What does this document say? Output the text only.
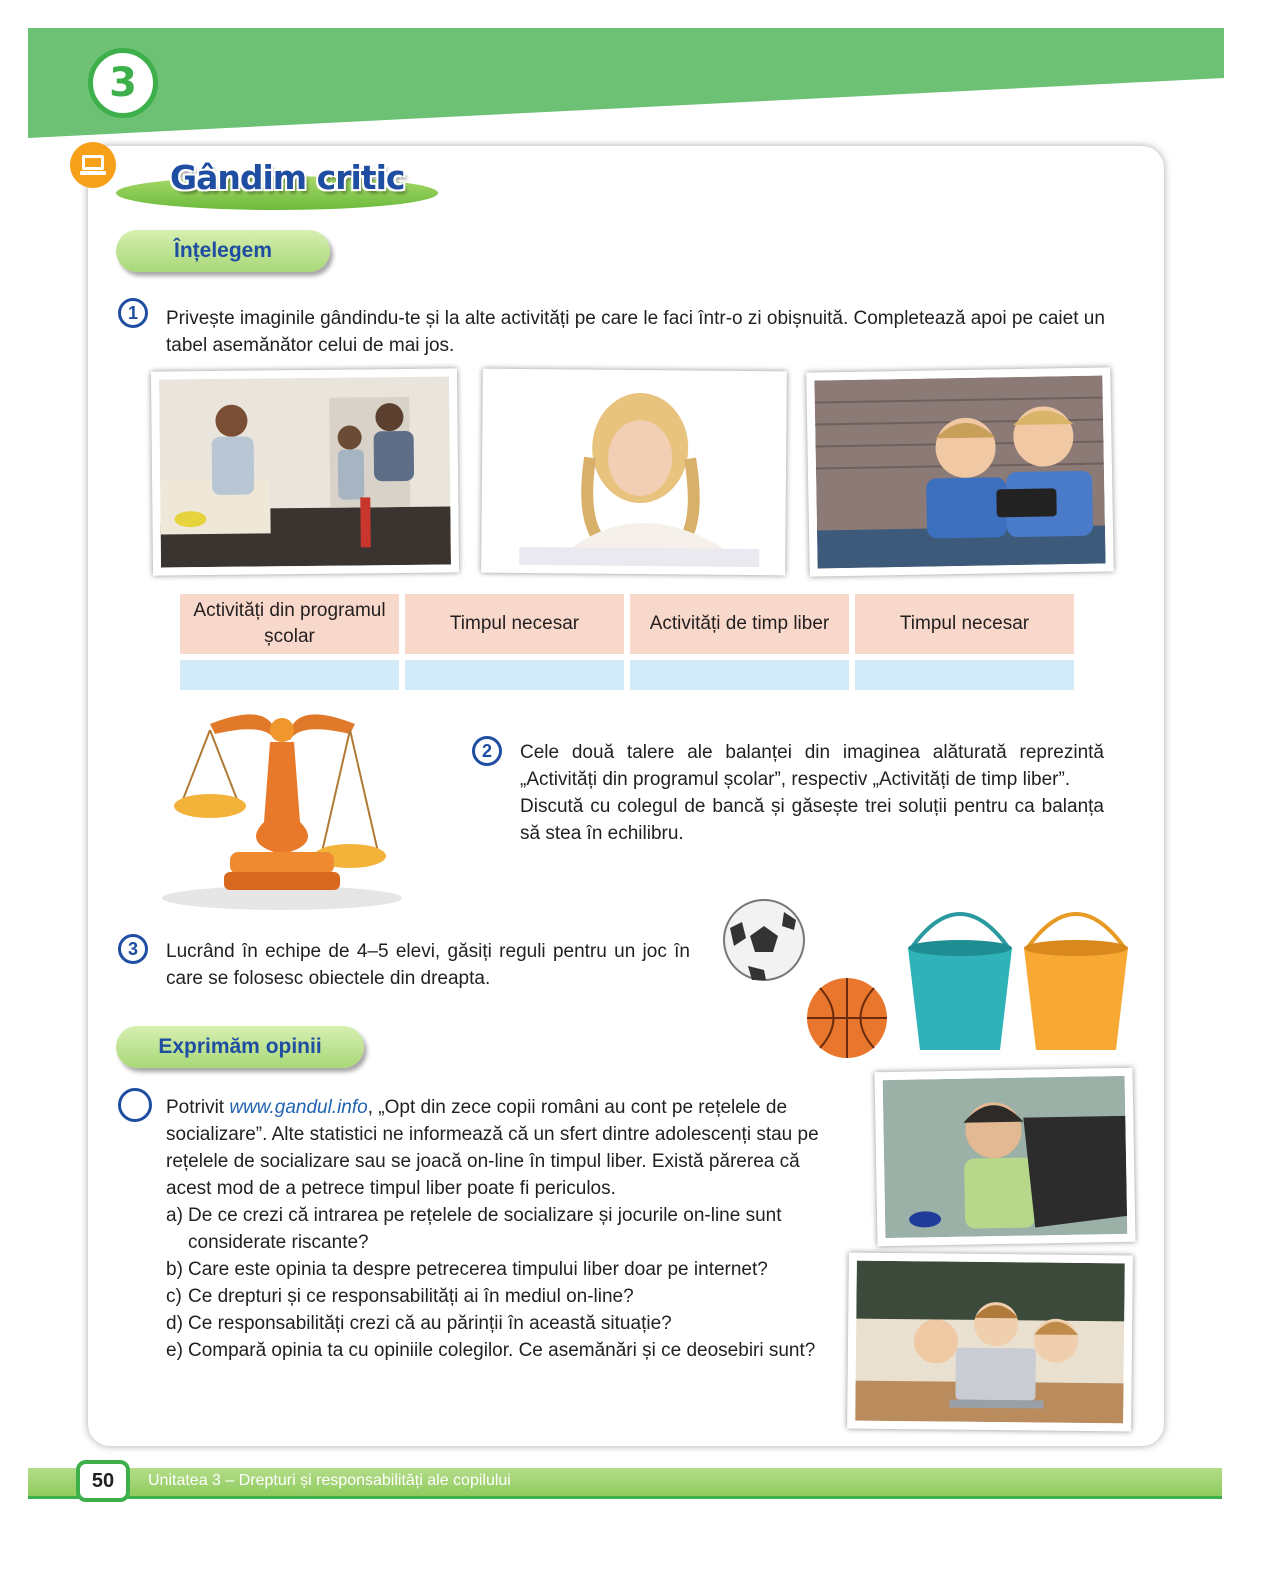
3
Gândim critic
Înțelegem
1	Privește imaginile gândindu-te și la alte activități pe care le faci într-o zi obișnuită. Completează apoi pe caiet un tabel asemănător celui de mai jos.
Activități din programul școlar	Timpul necesar	Activități de timp liber	Timpul necesar

2	Cele două talere ale balanței din imaginea alăturată reprezintă „Activități din programul școlar”, respectiv „Activități de timp liber”.
Discută cu colegul de bancă și găsește trei soluții pentru ca balanța să stea în echilibru.
3	Lucrând în echipe de 4–5 elevi, găsiți reguli pentru un joc în care se folosesc obiectele din dreapta.
Exprimăm opinii
Potrivit www.gandul.info, „Opt din zece copii români au cont pe rețelele de socializare”. Alte statistici ne informează că un sfert dintre adolescenți stau pe rețelele de socializare sau se joacă on-line în timpul liber. Există părerea că acest mod de a petrece timpul liber poate fi periculos.
a) De ce crezi că intrarea pe rețelele de socializare și jocurile on-line sunt considerate riscante?
b) Care este opinia ta despre petrecerea timpului liber doar pe internet?
c) Ce drepturi și ce responsabilități ai în mediul on-line?
d) Ce responsabilități crezi că au părinții în această situație?
e) Compară opinia ta cu opiniile colegilor. Ce asemănări și ce deosebiri sunt?
50	Unitatea 3 – Drepturi și responsabilități ale copilului
